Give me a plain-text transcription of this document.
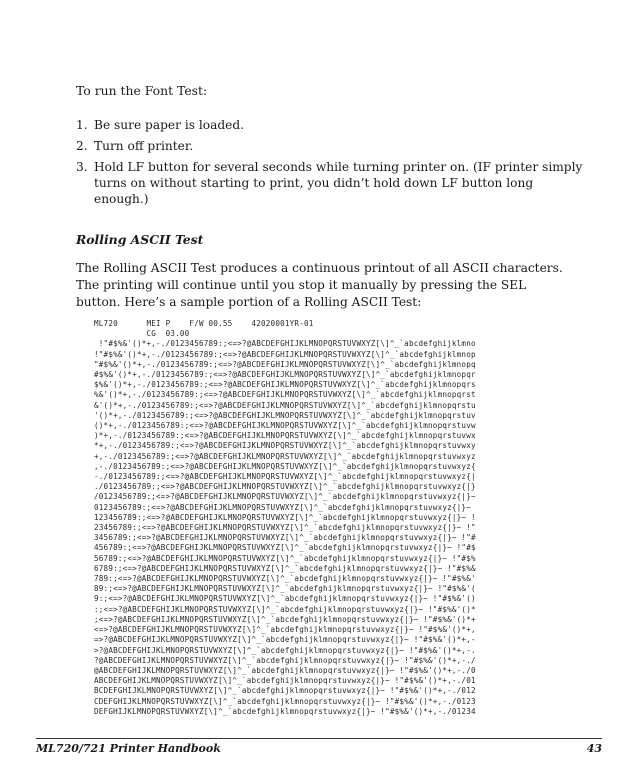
To run the Font Test:
1. Be sure paper is loaded.
2. Turn off printer.
3. Hold LF button for several seconds while turning printer on. (IF printer simply turns on without starting to print, you didn’t hold down LF button long enough.)
Rolling ASCII Test
The Rolling ASCII Test produces a continuous printout of all ASCII characters. The printing will continue until you stop it manually by pressing the SEL button. Here’s a sample portion of a Rolling ASCII Test:
ML720      MEI P    F/W 00.55    42020001YR-01
CG  03.00
!"#$%&'()*+,-./0123456789:;<=>?@ABCDEFGHIJKLMNOPQRSTUVWXYZ[\]^_`abcdefghijklmno
!"#$%&'()*+,-./0123456789:;<=>?@ABCDEFGHIJKLMNOPQRSTUVWXYZ[\]^_`abcdefghijklmnop
"#$%&'()*+,-./0123456789:;<=>?@ABCDEFGHIJKLMNOPQRSTUVWXYZ[\]^_`abcdefghijklmnopq
#$%&'()*+,-./0123456789:;<=>?@ABCDEFGHIJKLMNOPQRSTUVWXYZ[\]^_`abcdefghijklmnopqr
$%&'()*+,-./0123456789:;<=>?@ABCDEFGHIJKLMNOPQRSTUVWXYZ[\]^_`abcdefghijklmnopqrs
%&'()*+,-./0123456789:;<=>?@ABCDEFGHIJKLMNOPQRSTUVWXYZ[\]^_`abcdefghijklmnopqrst
&'()*+,-./0123456789:;<=>?@ABCDEFGHIJKLMNOPQRSTUVWXYZ[\]^_`abcdefghijklmnopqrstu
'()*+,-./0123456789:;<=>?@ABCDEFGHIJKLMNOPQRSTUVWXYZ[\]^_`abcdefghijklmnopqrstuv
()*+,-./0123456789:;<=>?@ABCDEFGHIJKLMNOPQRSTUVWXYZ[\]^_`abcdefghijklmnopqrstuvw
)*+,-./0123456789:;<=>?@ABCDEFGHIJKLMNOPQRSTUVWXYZ[\]^_`abcdefghijklmnopqrstuvwx
*+,-./0123456789:;<=>?@ABCDEFGHIJKLMNOPQRSTUVWXYZ[\]^_`abcdefghijklmnopqrstuvwxy
+,-./0123456789:;<=>?@ABCDEFGHIJKLMNOPQRSTUVWXYZ[\]^_`abcdefghijklmnopqrstuvwxyz
,-./0123456789:;<=>?@ABCDEFGHIJKLMNOPQRSTUVWXYZ[\]^_`abcdefghijklmnopqrstuvwxyz{
-./0123456789:;<=>?@ABCDEFGHIJKLMNOPQRSTUVWXYZ[\]^_`abcdefghijklmnopqrstuvwxyz{|
./0123456789:;<=>?@ABCDEFGHIJKLMNOPQRSTUVWXYZ[\]^_`abcdefghijklmnopqrstuvwxyz{|}
/0123456789:;<=>?@ABCDEFGHIJKLMNOPQRSTUVWXYZ[\]^_`abcdefghijklmnopqrstuvwxyz{|}~
0123456789:;<=>?@ABCDEFGHIJKLMNOPQRSTUVWXYZ[\]^_`abcdefghijklmnopqrstuvwxyz{|}~
123456789:;<=>?@ABCDEFGHIJKLMNOPQRSTUVWXYZ[\]^_`abcdefghijklmnopqrstuvwxyz{|}~ !
23456789:;<=>?@ABCDEFGHIJKLMNOPQRSTUVWXYZ[\]^_`abcdefghijklmnopqrstuvwxyz{|}~ !"
3456789:;<=>?@ABCDEFGHIJKLMNOPQRSTUVWXYZ[\]^_`abcdefghijklmnopqrstuvwxyz{|}~ !"#
456789:;<=>?@ABCDEFGHIJKLMNOPQRSTUVWXYZ[\]^_`abcdefghijklmnopqrstuvwxyz{|}~ !"#$
56789:;<=>?@ABCDEFGHIJKLMNOPQRSTUVWXYZ[\]^_`abcdefghijklmnopqrstuvwxyz{|}~ !"#$%
6789:;<=>?@ABCDEFGHIJKLMNOPQRSTUVWXYZ[\]^_`abcdefghijklmnopqrstuvwxyz{|}~ !"#$%&
789:;<=>?@ABCDEFGHIJKLMNOPQRSTUVWXYZ[\]^_`abcdefghijklmnopqrstuvwxyz{|}~ !"#$%&'
89:;<=>?@ABCDEFGHIJKLMNOPQRSTUVWXYZ[\]^_`abcdefghijklmnopqrstuvwxyz{|}~ !"#$%&'(
9:;<=>?@ABCDEFGHIJKLMNOPQRSTUVWXYZ[\]^_`abcdefghijklmnopqrstuvwxyz{|}~ !"#$%&'()
:;<=>?@ABCDEFGHIJKLMNOPQRSTUVWXYZ[\]^_`abcdefghijklmnopqrstuvwxyz{|}~ !"#$%&'()*
;<=>?@ABCDEFGHIJKLMNOPQRSTUVWXYZ[\]^_`abcdefghijklmnopqrstuvwxyz{|}~ !"#$%&'()*+
<=>?@ABCDEFGHIJKLMNOPQRSTUVWXYZ[\]^_`abcdefghijklmnopqrstuvwxyz{|}~ !"#$%&'()*+,
=>?@ABCDEFGHIJKLMNOPQRSTUVWXYZ[\]^_`abcdefghijklmnopqrstuvwxyz{|}~ !"#$%&'()*+,-
>?@ABCDEFGHIJKLMNOPQRSTUVWXYZ[\]^_`abcdefghijklmnopqrstuvwxyz{|}~ !"#$%&'()*+,-.
?@ABCDEFGHIJKLMNOPQRSTUVWXYZ[\]^_`abcdefghijklmnopqrstuvwxyz{|}~ !"#$%&'()*+,-./
@ABCDEFGHIJKLMNOPQRSTUVWXYZ[\]^_`abcdefghijklmnopqrstuvwxyz{|}~ !"#$%&'()*+,-./0
ABCDEFGHIJKLMNOPQRSTUVWXYZ[\]^_`abcdefghijklmnopqrstuvwxyz{|}~ !"#$%&'()*+,-./01
BCDEFGHIJKLMNOPQRSTUVWXYZ[\]^_`abcdefghijklmnopqrstuvwxyz{|}~ !"#$%&'()*+,-./012
CDEFGHIJKLMNOPQRSTUVWXYZ[\]^_`abcdefghijklmnopqrstuvwxyz{|}~ !"#$%&'()*+,-./0123
DEFGHIJKLMNOPQRSTUVWXYZ[\]^_`abcdefghijklmnopqrstuvwxyz{|}~ !"#$%&'()*+,-./01234
ML720/721 Printer Handbook	43
